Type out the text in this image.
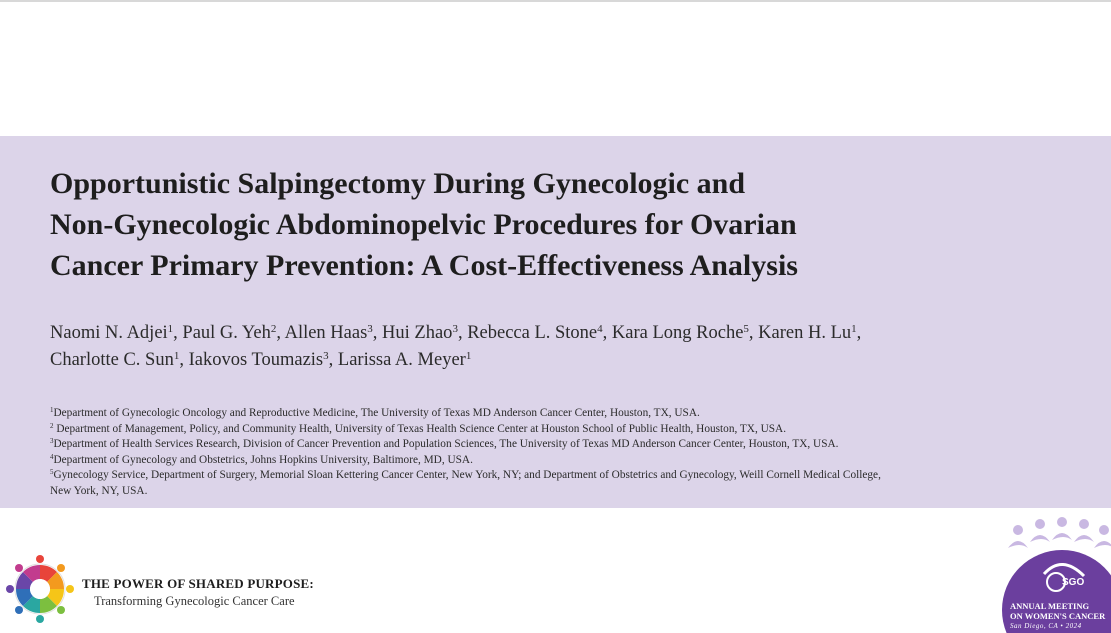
Opportunistic Salpingectomy During Gynecologic and
Non-Gynecologic Abdominopelvic Procedures for Ovarian
Cancer Primary Prevention: A Cost-Effectiveness Analysis
Naomi N. Adjei$^1$, Paul G. Yeh$^2$, Allen Haas$^3$, Hui Zhao$^3$, Rebecca L. Stone$^4$, Kara Long Roche$^5$, Karen H. Lu$^1$,
Charlotte C. Sun$^1$, Iakovos Toumazis$^3$, Larissa A. Meyer$^1$
$^1$Department of Gynecologic Oncology and Reproductive Medicine, The University of Texas MD Anderson Cancer Center, Houston, TX, USA.
$^2$ Department of Management, Policy, and Community Health, University of Texas Health Science Center at Houston School of Public Health, Houston, TX, USA.
$^3$Department of Health Services Research, Division of Cancer Prevention and Population Sciences, The University of Texas MD Anderson Cancer Center, Houston, TX, USA.
$^4$Department of Gynecology and Obstetrics, Johns Hopkins University, Baltimore, MD, USA.
$^5$Gynecology Service, Department of Surgery, Memorial Sloan Kettering Cancer Center, New York, NY; and Department of Obstetrics and Gynecology, Weill Cornell Medical College,
New York, NY, USA.
THE POWER OF SHARED PURPOSE:
Transforming Gynecologic Cancer Care
SGO
ANNUAL MEETING
ON WOMEN'S CANCER
San Diego, CA • 2024
